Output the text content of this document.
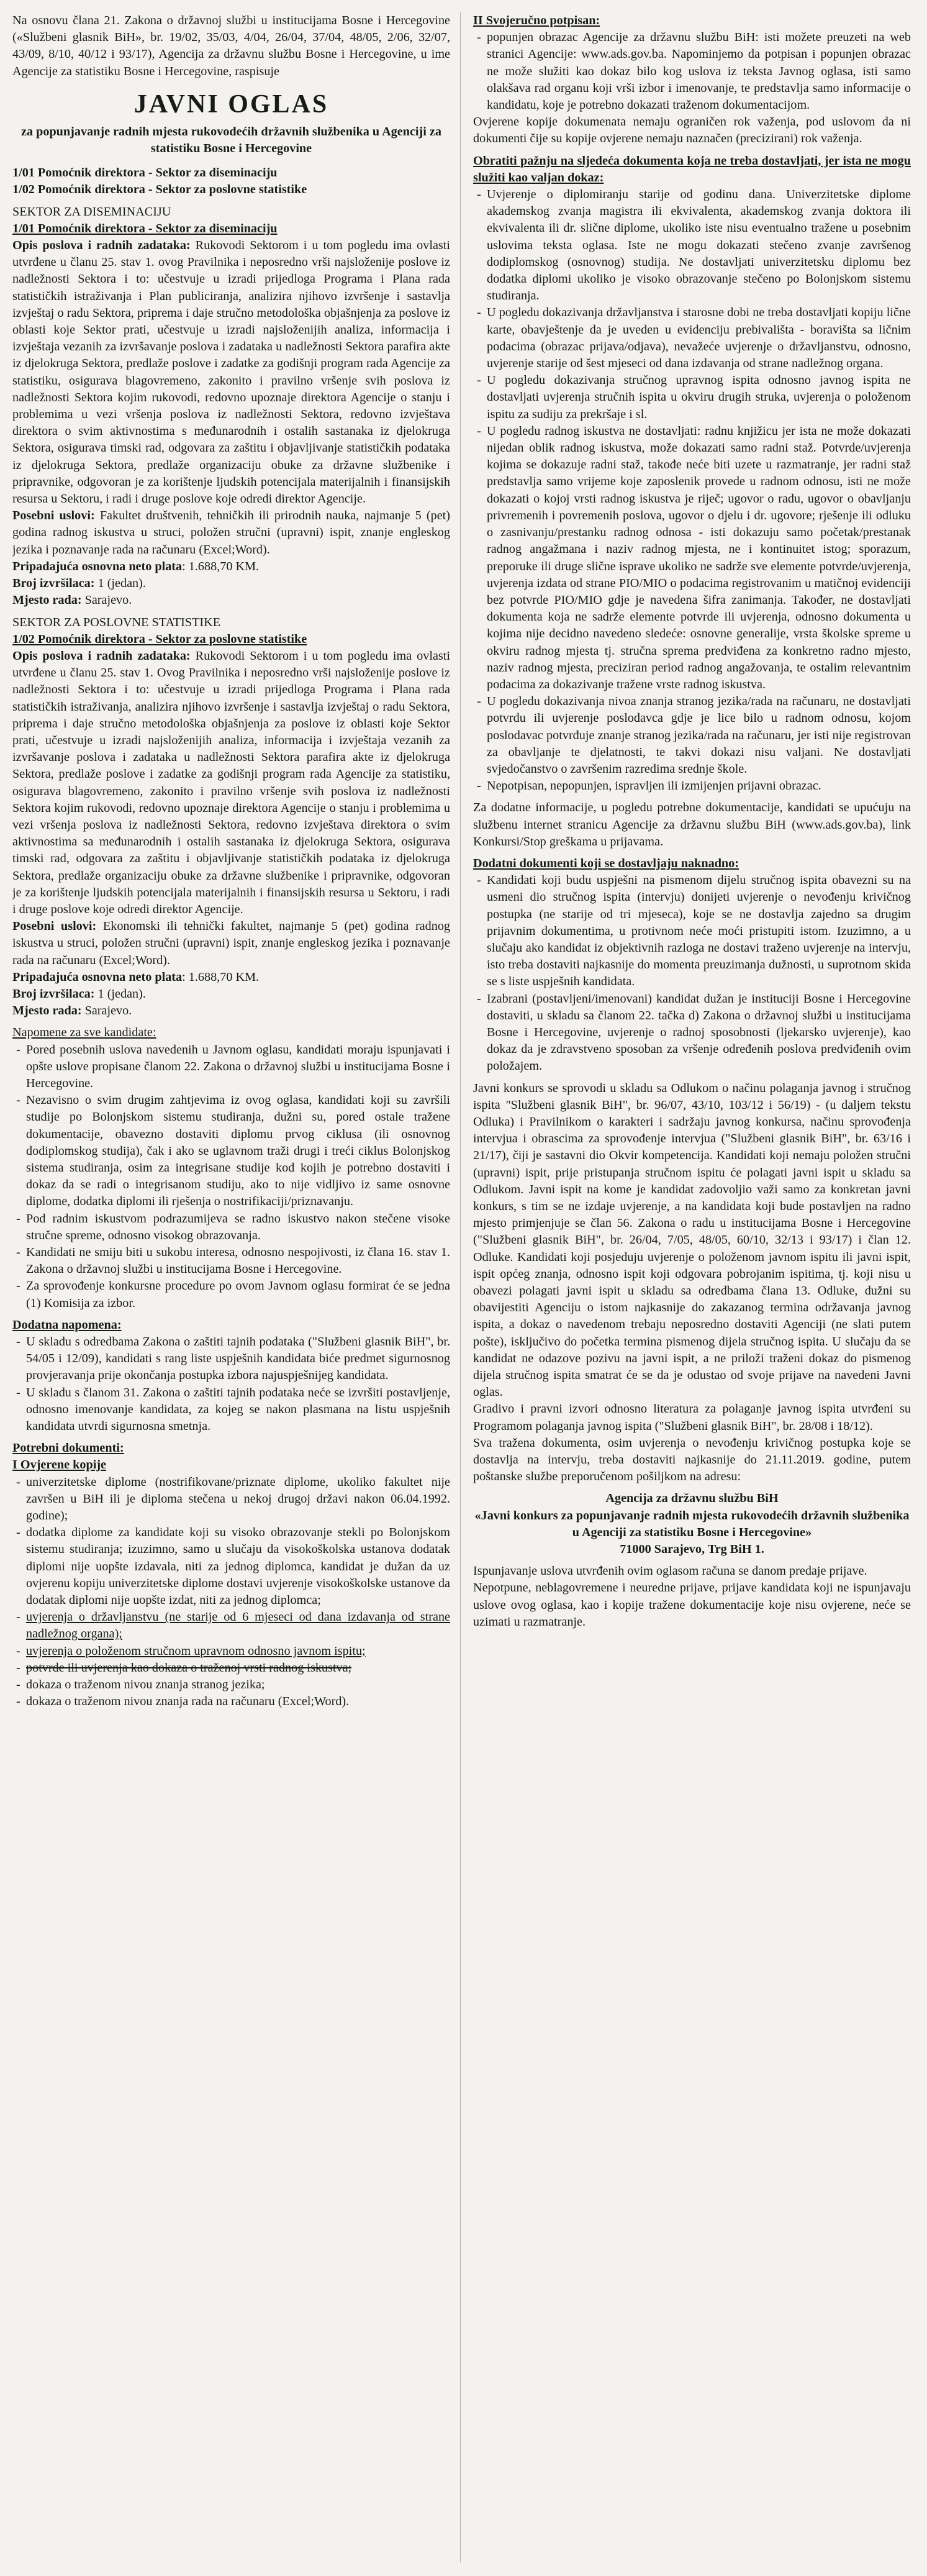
Na osnovu člana 21. Zakona o državnoj službi u institucijama Bosne i Hercegovine («Službeni glasnik BiH», br. 19/02, 35/03, 4/04, 26/04, 37/04, 48/05, 2/06, 32/07, 43/09, 8/10, 40/12 i 93/17), Agencija za državnu službu Bosne i Hercegovine, u ime Agencije za statistiku Bosne i Hercegovine, raspisuje

JAVNI OGLAS

za popunjavanje radnih mjesta rukovodećih državnih službenika u Agenciji za statistiku Bosne i Hercegovine

1/01 Pomoćnik direktora - Sektor za diseminaciju

1/02 Pomoćnik direktora - Sektor za poslovne statistike

SEKTOR ZA DISEMINACIJU

1/01 Pomoćnik direktora - Sektor za diseminaciju

Opis poslova i radnih zadataka: Rukovodi Sektorom i u tom pogledu ima ovlasti utvrđene u članu 25. stav 1. ovog Pravilnika i neposredno vrši najsloženije poslove iz nadležnosti Sektora i to: učestvuje u izradi prijedloga Programa i Plana rada statističkih istraživanja i Plan publiciranja, analizira njihovo izvršenje i sastavlja izvještaj o radu Sektora, priprema i daje stručno metodološka objašnjenja za poslove iz oblasti koje Sektor prati, učestvuje u izradi najsloženijih analiza, informacija i izvještaja vezanih za izvršavanje poslova i zadataka u nadležnosti Sektora parafira akte iz djelokruga Sektora, predlaže poslove i zadatke za godišnji program rada Agencije za statistiku, osigurava blagovremeno, zakonito i pravilno vršenje svih poslova iz nadležnosti Sektora kojim rukovodi, redovno upoznaje direktora Agencije o stanju i problemima u vezi vršenja poslova iz nadležnosti Sektora, redovno izvještava direktora o svim aktivnostima s međunarodnih i ostalih sastanaka iz djelokruga Sektora, osigurava timski rad, odgovara za zaštitu i objavljivanje statističkih podataka iz djelokruga Sektora, predlaže organizaciju obuke za državne službenike i pripravnike, odgovoran je za korištenje ljudskih potencijala materijalnih i finansijskih resursa u Sektoru, i radi i druge poslove koje odredi direktor Agencije.

Posebni uslovi: Fakultet društvenih, tehničkih ili prirodnih nauka, najmanje 5 (pet) godina radnog iskustva u struci, položen stručni (upravni) ispit, znanje engleskog jezika i poznavanje rada na računaru (Excel;Word).

Pripadajuća osnovna neto plata: 1.688,70 KM.

Broj izvršilaca: 1 (jedan).

Mjesto rada: Sarajevo.

SEKTOR ZA POSLOVNE STATISTIKE

1/02 Pomoćnik direktora - Sektor za poslovne statistike

Opis poslova i radnih zadataka: Rukovodi Sektorom i u tom pogledu ima ovlasti utvrđene u članu 25. stav 1. Ovog Pravilnika i neposredno vrši najsloženije poslove iz nadležnosti Sektora i to: učestvuje u izradi prijedloga Programa i Plana rada statističkih istraživanja, analizira njihovo izvršenje i sastavlja izvještaj o radu Sektora, priprema i daje stručno metodološka objašnjenja za poslove iz oblasti koje Sektor prati, učestvuje u izradi najsloženijih analiza, informacija i izvještaja vezanih za izvršavanje poslova i zadataka u nadležnosti Sektora parafira akte iz djelokruga Sektora, predlaže poslove i zadatke za godišnji program rada Agencije za statistiku, osigurava blagovremeno, zakonito i pravilno vršenje svih poslova iz nadležnosti Sektora kojim rukovodi, redovno upoznaje direktora Agencije o stanju i problemima u vezi vršenja poslova iz nadležnosti Sektora, redovno izvještava direktora o svim aktivnostima sa međunarodnih i ostalih sastanaka iz djelokruga Sektora, osigurava timski rad, odgovara za zaštitu i objavljivanje statističkih podataka iz djelokruga Sektora, predlaže organizaciju obuke za državne službenike i pripravnike, odgovoran je za korištenje ljudskih potencijala materijalnih i finansijskih resursa u Sektoru, i radi i druge poslove koje odredi direktor Agencije.

Posebni uslovi: Ekonomski ili tehnički fakultet, najmanje 5 (pet) godina radnog iskustva u struci, položen stručni (upravni) ispit, znanje engleskog jezika i poznavanje rada na računaru (Excel;Word).

Pripadajuća osnovna neto plata: 1.688,70 KM.

Broj izvršilaca: 1 (jedan).

Mjesto rada: Sarajevo.

Napomene za sve kandidate:

- Pored posebnih uslova navedenih u Javnom oglasu, kandidati moraju ispunjavati i opšte uslove propisane članom 22. Zakona o državnoj službi u institucijama Bosne i Hercegovine.
- Nezavisno o svim drugim zahtjevima iz ovog oglasa, kandidati koji su završili studije po Bolonjskom sistemu studiranja, dužni su, pored ostale tražene dokumentacije, obavezno dostaviti diplomu prvog ciklusa (ili osnovnog dodiplomskog studija), čak i ako se uglavnom traži drugi i treći ciklus Bolonjskog sistema studiranja, osim za integrisane studije kod kojih je potrebno dostaviti i dokaz da se radi o integrisanom studiju, ako to nije vidljivo iz same osnovne diplome, dodatka diplomi ili rješenja o nostrifikaciji/priznavanju.
- Pod radnim iskustvom podrazumijeva se radno iskustvo nakon stečene visoke stručne spreme, odnosno visokog obrazovanja.
- Kandidati ne smiju biti u sukobu interesa, odnosno nespojivosti, iz člana 16. stav 1. Zakona o državnoj službi u institucijama Bosne i Hercegovine.
- Za sprovođenje konkursne procedure po ovom Javnom oglasu formirat će se jedna (1) Komisija za izbor.

Dodatna napomena:

- U skladu s odredbama Zakona o zaštiti tajnih podataka ("Službeni glasnik BiH", br. 54/05 i 12/09), kandidati s rang liste uspješnih kandidata biće predmet sigurnosnog provjeravanja prije okončanja postupka izbora najuspješnijeg kandidata.
- U skladu s članom 31. Zakona o zaštiti tajnih podataka neće se izvršiti postavljenje, odnosno imenovanje kandidata, za kojeg se nakon plasmana na listu uspješnih kandidata utvrdi sigurnosna smetnja.

Potrebni dokumenti:

I Ovjerene kopije

- univerzitetske diplome (nostrifikovane/priznate diplome, ukoliko fakultet nije završen u BiH ili je diploma stečena u nekoj drugoj državi nakon 06.04.1992. godine);
- dodatka diplome za kandidate koji su visoko obrazovanje stekli po Bolonjskom sistemu studiranja; izuzimno, samo u slučaju da visokoškolska ustanova dodatak diplomi nije uopšte izdavala, niti za jednog diplomca, kandidat je dužan da uz ovjerenu kopiju univerzitetske diplome dostavi uvjerenje visokoškolske ustanove da dodatak diplomi nije uopšte izdat, niti za jednog diplomca;
- uvjerenja o državljanstvu (ne starije od 6 mjeseci od dana izdavanja od strane nadležnog organa);
- uvjerenja o položenom stručnom upravnom odnosno javnom ispitu;
- potvrde ili uvjerenja kao dokaza o traženoj vrsti radnog iskustva;
- dokaza o traženom nivou znanja stranog jezika;
- dokaza o traženom nivou znanja rada na računaru (Excel;Word).

II Svojeručno potpisan:

- popunjen obrazac Agencije za državnu službu BiH: isti možete preuzeti na web stranici Agencije: www.ads.gov.ba. Napominjemo da potpisan i popunjen obrazac ne može služiti kao dokaz bilo kog uslova iz teksta Javnog oglasa, isti samo olakšava rad organu koji vrši izbor i imenovanje, te predstavlja samo informacije o kandidatu, koje je potrebno dokazati traženom dokumentacijom.

Ovjerene kopije dokumenata nemaju ograničen rok važenja, pod uslovom da ni dokumenti čije su kopije ovjerene nemaju naznačen (precizirani) rok važenja.

Obratiti pažnju na sljedeća dokumenta koja ne treba dostavljati, jer ista ne mogu služiti kao valjan dokaz:

- Uvjerenje o diplomiranju starije od godinu dana. Univerzitetske diplome akademskog zvanja magistra ili ekvivalenta, akademskog zvanja doktora ili ekvivalenta ili dr. slične diplome, ukoliko iste nisu eventualno tražene u posebnim uslovima teksta oglasa. Iste ne mogu dokazati stečeno zvanje završenog dodiplomskog (osnovnog) studija. Ne dostavljati univerzitetsku diplomu bez dodatka diplomi ukoliko je visoko obrazovanje stečeno po Bolonjskom sistemu studiranja.
- U pogledu dokazivanja državljanstva i starosne dobi ne treba dostavljati kopiju lične karte, obavještenje da je uveden u evidenciju prebivališta - boravišta sa ličnim podacima (obrazac prijava/odjava), nevažeće uvjerenje o državljanstvu, odnosno, uvjerenje starije od šest mjeseci od dana izdavanja od strane nadležnog organa.
- U pogledu dokazivanja stručnog upravnog ispita odnosno javnog ispita ne dostavljati uvjerenja stručnih ispita u okviru drugih struka, uvjerenja o položenom ispitu za sudiju za prekršaje i sl.
- U pogledu radnog iskustva ne dostavljati: radnu knjižicu jer ista ne može dokazati nijedan oblik radnog iskustva, može dokazati samo radni staž. Potvrde/uvjerenja kojima se dokazuje radni staž, takođe neće biti uzete u razmatranje, jer radni staž predstavlja samo vrijeme koje zaposlenik provede u radnom odnosu, isti ne može dokazati o kojoj vrsti radnog iskustva je riječ; ugovor o radu, ugovor o obavljanju privremenih i povremenih poslova, ugovor o djelu i dr. ugovore; rješenje ili odluku o zasnivanju/prestanku radnog odnosa - isti dokazuju samo početak/prestanak radnog angažmana i naziv radnog mjesta, ne i kontinuitet istog; sporazum, preporuke ili druge slične isprave ukoliko ne sadrže sve elemente potvrde/uvjerenja, uvjerenja izdata od strane PIO/MIO o podacima registrovanim u matičnoj evidenciji bez potvrde PIO/MIO gdje je navedena šifra zanimanja. Također, ne dostavljati dokumenta koja ne sadrže elemente potvrde ili uvjerenja, odnosno dokumenta u kojima nije decidno navedeno sledeće: osnovne generalije, vrsta školske spreme u okviru radnog mjesta tj. stručna sprema predviđena za konkretno radno mjesto, naziv radnog mjesta, preciziran period radnog angažovanja, te ostalim relevantnim podacima za dokazivanje tražene vrste radnog iskustva.
- U pogledu dokazivanja nivoa znanja stranog jezika/rada na računaru, ne dostavljati potvrdu ili uvjerenje poslodavca gdje je lice bilo u radnom odnosu, kojom poslodavac potvrđuje znanje stranog jezika/rada na računaru, jer isti nije registrovan za obavljanje te djelatnosti, te takvi dokazi nisu valjani. Ne dostavljati svjedočanstvo o završenim razredima srednje škole.
- Nepotpisan, nepopunjen, ispravljen ili izmijenjen prijavni obrazac.

Za dodatne informacije, u pogledu potrebne dokumentacije, kandidati se upućuju na službenu internet stranicu Agencije za državnu službu BiH (www.ads.gov.ba), link Konkursi/Stop greškama u prijavama.

Dodatni dokumenti koji se dostavljaju naknadno:

- Kandidati koji budu uspješni na pismenom dijelu stručnog ispita obavezni su na usmeni dio stručnog ispita (intervju) donijeti uvjerenje o nevođenju krivičnog postupka (ne starije od tri mjeseca), koje se ne dostavlja zajedno sa drugim prijavnim dokumentima, u protivnom neće moći pristupiti istom. Izuzimno, a u slučaju ako kandidat iz objektivnih razloga ne dostavi traženo uvjerenje na intervju, isto treba dostaviti najkasnije do momenta preuzimanja dužnosti, u suprotnom skida se s liste uspješnih kandidata.
- Izabrani (postavljeni/imenovani) kandidat dužan je instituciji Bosne i Hercegovine dostaviti, u skladu sa članom 22. tačka d) Zakona o državnoj službi u institucijama Bosne i Hercegovine, uvjerenje o radnoj sposobnosti (ljekarsko uvjerenje), kao dokaz da je zdravstveno sposoban za vršenje određenih poslova predviđenih ovim položajem.

Javni konkurs se sprovodi u skladu sa Odlukom o načinu polaganja javnog i stručnog ispita "Službeni glasnik BiH", br. 96/07, 43/10, 103/12 i 56/19) - (u daljem tekstu Odluka) i Pravilnikom o karakteri i sadržaju javnog konkursa, načinu sprovođenja intervjua i obrascima za sprovođenje intervjua ("Službeni glasnik BiH", br. 63/16 i 21/17), čiji je sastavni dio Okvir kompetencija. Kandidati koji nemaju položen stručni (upravni) ispit, prije pristupanja stručnom ispitu će polagati javni ispit u skladu sa Odlukom. Javni ispit na kome je kandidat zadovoljio važi samo za konkretan javni konkurs, s tim se ne izdaje uvjerenje, a na kandidata koji bude postavljen na radno mjesto primjenjuje se član 56. Zakona o radu u institucijama Bosne i Hercegovine ("Službeni glasnik BiH", br. 26/04, 7/05, 48/05, 60/10, 32/13 i 93/17) i član 12. Odluke. Kandidati koji posjeduju uvjerenje o položenom javnom ispitu ili javni ispit, ispit općeg znanja, odnosno ispit koji odgovara pobrojanim ispitima, tj. koji nisu u obavezi polagati javni ispit u skladu sa odredbama člana 13. Odluke, dužni su obavijestiti Agenciju o istom najkasnije do zakazanog termina održavanja javnog ispita, a dokaz o navedenom trebaju neposredno dostaviti Agenciji (ne slati putem pošte), isključivo do početka termina pismenog dijela stručnog ispita. U slučaju da se kandidat ne odazove pozivu na javni ispit, a ne priloži traženi dokaz do pismenog dijela stručnog ispita smatrat će se da je odustao od svoje prijave na navedeni Javni oglas.

Gradivo i pravni izvori odnosno literatura za polaganje javnog ispita utvrđeni su Programom polaganja javnog ispita ("Službeni glasnik BiH", br. 28/08 i 18/12).

Sva tražena dokumenta, osim uvjerenja o nevođenju krivičnog postupka koje se dostavlja na intervju, treba dostaviti najkasnije do 21.11.2019. godine, putem poštanske službe preporučenom pošiljkom na adresu:

Agencija za državnu službu BiH

«Javni konkurs za popunjavanje radnih mjesta rukovodećih državnih službenika u Agenciji za statistiku Bosne i Hercegovine»

71000 Sarajevo, Trg BiH 1.

Ispunjavanje uslova utvrđenih ovim oglasom računa se danom predaje prijave.

Nepotpune, neblagovremene i neuredne prijave, prijave kandidata koji ne ispunjavaju uslove ovog oglasa, kao i kopije tražene dokumentacije koje nisu ovjerene, neće se uzimati u razmatranje.
